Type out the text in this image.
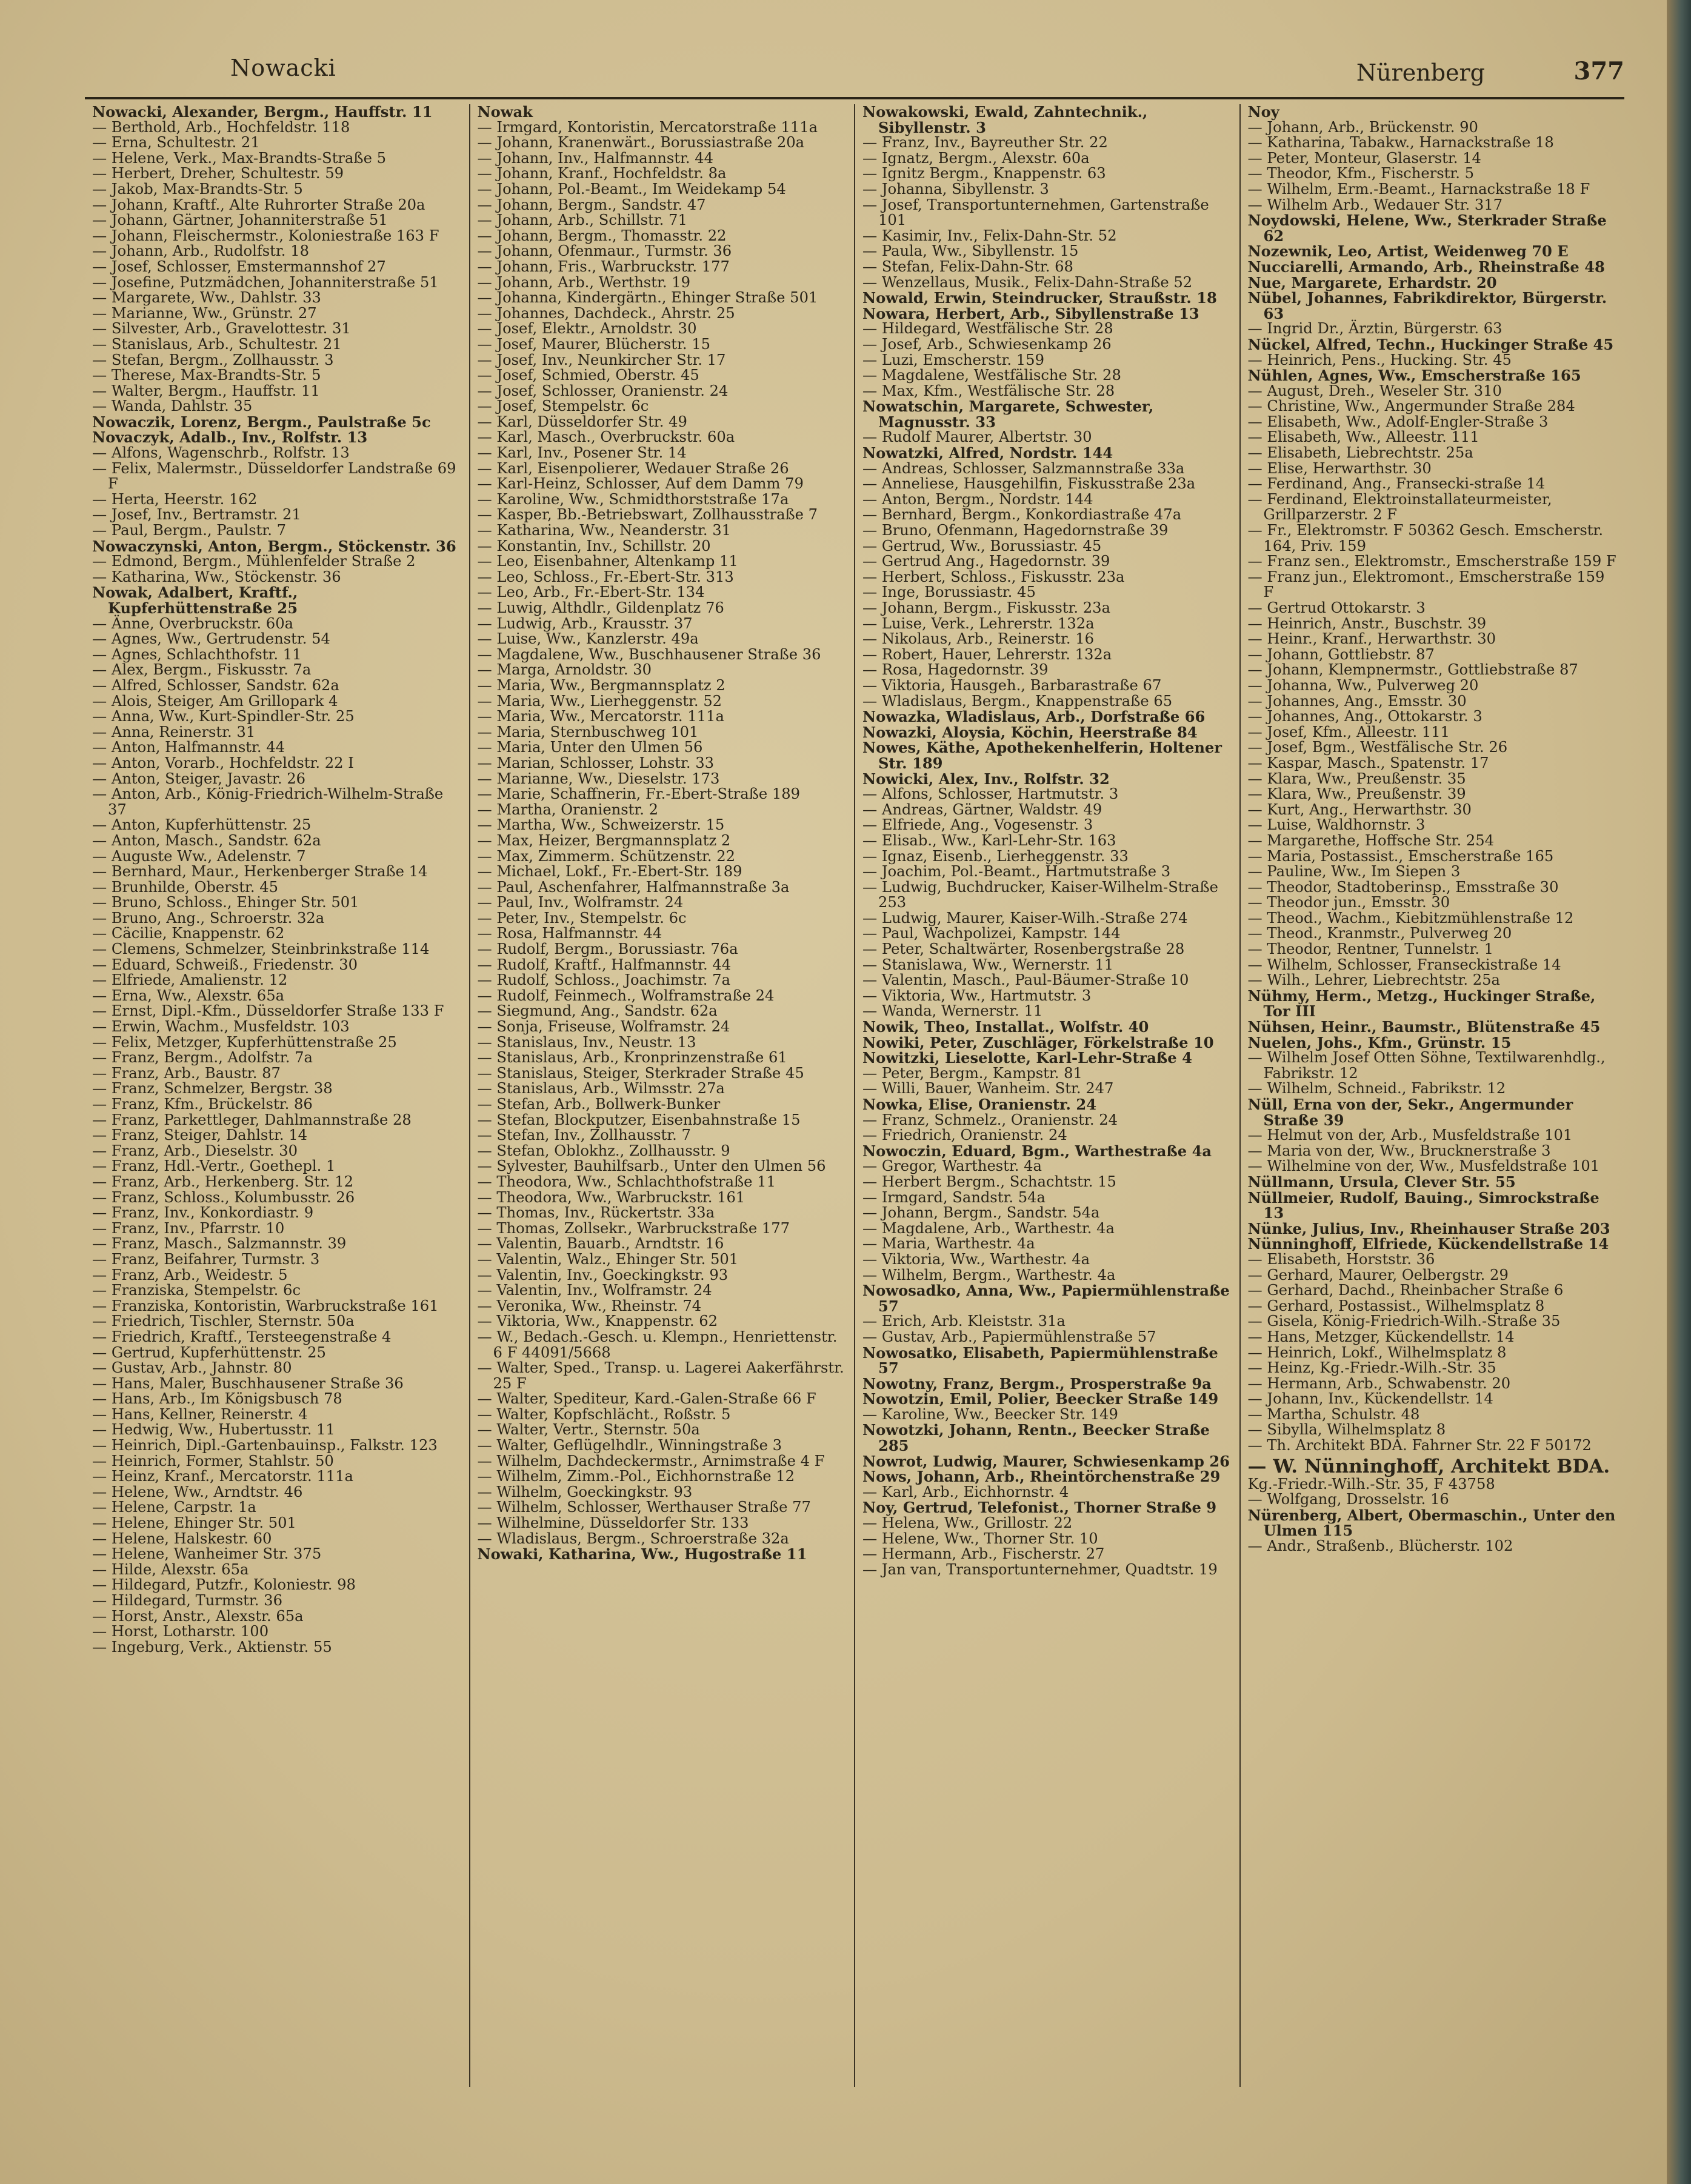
Nowacki	Nürenberg	377

Nowacki, Alexander, Bergm., Hauffstr. 11

— Berthold, Arb., Hochfeldstr. 118

— Erna, Schultestr. 21

— Helene, Verk., Max-Brandts-Straße 5

— Herbert, Dreher, Schultestr. 59

— Jakob, Max-Brandts-Str. 5

— Johann, Kraftf., Alte Ruhrorter Straße 20a

— Johann, Gärtner, Johanniterstraße 51

— Johann, Fleischermstr., Koloniestraße 163 F

— Johann, Arb., Rudolfstr. 18

— Josef, Schlosser, Emstermannshof 27

— Josefine, Putzmädchen, Johanniterstraße 51

— Margarete, Ww., Dahlstr. 33

— Marianne, Ww., Grünstr. 27

— Silvester, Arb., Gravelottestr. 31

— Stanislaus, Arb., Schultestr. 21

— Stefan, Bergm., Zollhausstr. 3

— Therese, Max-Brandts-Str. 5

— Walter, Bergm., Hauffstr. 11

— Wanda, Dahlstr. 35

Nowaczik, Lorenz, Bergm., Paulstraße 5c

Novaczyk, Adalb., Inv., Rolfstr. 13

— Alfons, Wagenschrb., Rolfstr. 13

— Felix, Malermstr., Düsseldorfer Landstraße 69 F

— Herta, Heerstr. 162

— Josef, Inv., Bertramstr. 21

— Paul, Bergm., Paulstr. 7

Nowaczynski, Anton, Bergm., Stöckenstr. 36

— Edmond, Bergm., Mühlenfelder Straße 2

— Katharina, Ww., Stöckenstr. 36

Nowak, Adalbert, Kraftf., Kupferhüttenstraße 25

— Änne, Overbruckstr. 60a

— Agnes, Ww., Gertrudenstr. 54

— Agnes, Schlachthofstr. 11

— Alex, Bergm., Fiskusstr. 7a

— Alfred, Schlosser, Sandstr. 62a

— Alois, Steiger, Am Grillopark 4

— Anna, Ww., Kurt-Spindler-Str. 25

— Anna, Reinerstr. 31

— Anton, Halfmannstr. 44

— Anton, Vorarb., Hochfeldstr. 22 I

— Anton, Steiger, Javastr. 26

— Anton, Arb., König-Friedrich-Wilhelm-Straße 37

— Anton, Kupferhüttenstr. 25

— Anton, Masch., Sandstr. 62a

— Auguste Ww., Adelenstr. 7

— Bernhard, Maur., Herkenberger Straße 14

— Brunhilde, Oberstr. 45

— Bruno, Schloss., Ehinger Str. 501

— Bruno, Ang., Schroerstr. 32a

— Cäcilie, Knappenstr. 62

— Clemens, Schmelzer, Steinbrinkstraße 114

— Eduard, Schweiß., Friedenstr. 30

— Elfriede, Amalienstr. 12

— Erna, Ww., Alexstr. 65a

— Ernst, Dipl.-Kfm., Düsseldorfer Straße 133 F

— Erwin, Wachm., Musfeldstr. 103

— Felix, Metzger, Kupferhüttenstraße 25

— Franz, Bergm., Adolfstr. 7a

— Franz, Arb., Baustr. 87

— Franz, Schmelzer, Bergstr. 38

— Franz, Kfm., Brückelstr. 86

— Franz, Parkettleger, Dahlmannstraße 28

— Franz, Steiger, Dahlstr. 14

— Franz, Arb., Dieselstr. 30

— Franz, Hdl.-Vertr., Goethepl. 1

— Franz, Arb., Herkenberg. Str. 12

— Franz, Schloss., Kolumbusstr. 26

— Franz, Inv., Konkordiastr. 9

— Franz, Inv., Pfarrstr. 10

— Franz, Masch., Salzmannstr. 39

— Franz, Beifahrer, Turmstr. 3

— Franz, Arb., Weidestr. 5

— Franziska, Stempelstr. 6c

— Franziska, Kontoristin, Warbruckstraße 161

— Friedrich, Tischler, Sternstr. 50a

— Friedrich, Kraftf., Tersteegenstraße 4

— Gertrud, Kupferhüttenstr. 25

— Gustav, Arb., Jahnstr. 80

— Hans, Maler, Buschhausener Straße 36

— Hans, Arb., Im Königsbusch 78

— Hans, Kellner, Reinerstr. 4

— Hedwig, Ww., Hubertusstr. 11

— Heinrich, Dipl.-Gartenbauinsp., Falkstr. 123

— Heinrich, Former, Stahlstr. 50

— Heinz, Kranf., Mercatorstr. 111a

— Helene, Ww., Arndtstr. 46

— Helene, Carpstr. 1a

— Helene, Ehinger Str. 501

— Helene, Halskestr. 60

— Helene, Wanheimer Str. 375

— Hilde, Alexstr. 65a

— Hildegard, Putzfr., Koloniestr. 98

— Hildegard, Turmstr. 36

— Horst, Anstr., Alexstr. 65a

— Horst, Lotharstr. 100

— Ingeburg, Verk., Aktienstr. 55

Nowak

— Irmgard, Kontoristin, Mercatorstraße 111a

— Johann, Kranenwärt., Borussiastraße 20a

— Johann, Inv., Halfmannstr. 44

— Johann, Kranf., Hochfeldstr. 8a

— Johann, Pol.-Beamt., Im Weidekamp 54

— Johann, Bergm., Sandstr. 47

— Johann, Arb., Schillstr. 71

— Johann, Bergm., Thomasstr. 22

— Johann, Ofenmaur., Turmstr. 36

— Johann, Fris., Warbruckstr. 177

— Johann, Arb., Werthstr. 19

— Johanna, Kindergärtn., Ehinger Straße 501

— Johannes, Dachdeck., Ahrstr. 25

— Josef, Elektr., Arnoldstr. 30

— Josef, Maurer, Blücherstr. 15

— Josef, Inv., Neunkircher Str. 17

— Josef, Schmied, Oberstr. 45

— Josef, Schlosser, Oranienstr. 24

— Josef, Stempelstr. 6c

— Karl, Düsseldorfer Str. 49

— Karl, Masch., Overbruckstr. 60a

— Karl, Inv., Posener Str. 14

— Karl, Eisenpolierer, Wedauer Straße 26

— Karl-Heinz, Schlosser, Auf dem Damm 79

— Karoline, Ww., Schmidthorststraße 17a

— Kasper, Bb.-Betriebswart, Zollhausstraße 7

— Katharina, Ww., Neanderstr. 31

— Konstantin, Inv., Schillstr. 20

— Leo, Eisenbahner, Altenkamp 11

— Leo, Schloss., Fr.-Ebert-Str. 313

— Leo, Arb., Fr.-Ebert-Str. 134

— Luwig, Althdlr., Gildenplatz 76

— Ludwig, Arb., Krausstr. 37

— Luise, Ww., Kanzlerstr. 49a

— Magdalene, Ww., Buschhausener Straße 36

— Marga, Arnoldstr. 30

— Maria, Ww., Bergmannsplatz 2

— Maria, Ww., Lierheggenstr. 52

— Maria, Ww., Mercatorstr. 111a

— Maria, Sternbuschweg 101

— Maria, Unter den Ulmen 56

— Marian, Schlosser, Lohstr. 33

— Marianne, Ww., Dieselstr. 173

— Marie, Schaffnerin, Fr.-Ebert-Straße 189

— Martha, Oranienstr. 2

— Martha, Ww., Schweizerstr. 15

— Max, Heizer, Bergmannsplatz 2

— Max, Zimmerm. Schützenstr. 22

— Michael, Lokf., Fr.-Ebert-Str. 189

— Paul, Aschenfahrer, Halfmannstraße 3a

— Paul, Inv., Wolframstr. 24

— Peter, Inv., Stempelstr. 6c

— Rosa, Halfmannstr. 44

— Rudolf, Bergm., Borussiastr. 76a

— Rudolf, Kraftf., Halfmannstr. 44

— Rudolf, Schloss., Joachimstr. 7a

— Rudolf, Feinmech., Wolframstraße 24

— Siegmund, Ang., Sandstr. 62a

— Sonja, Friseuse, Wolframstr. 24

— Stanislaus, Inv., Neustr. 13

— Stanislaus, Arb., Kronprinzenstraße 61

— Stanislaus, Steiger, Sterkrader Straße 45

— Stanislaus, Arb., Wilmsstr. 27a

— Stefan, Arb., Bollwerk-Bunker

— Stefan, Blockputzer, Eisenbahnstraße 15

— Stefan, Inv., Zollhausstr. 7

— Stefan, Oblokhz., Zollhausstr. 9

— Sylvester, Bauhilfsarb., Unter den Ulmen 56

— Theodora, Ww., Schlachthofstraße 11

— Theodora, Ww., Warbruckstr. 161

— Thomas, Inv., Rückertstr. 33a

— Thomas, Zollsekr., Warbruckstraße 177

— Valentin, Bauarb., Arndtstr. 16

— Valentin, Walz., Ehinger Str. 501

— Valentin, Inv., Goeckingkstr. 93

— Valentin, Inv., Wolframstr. 24

— Veronika, Ww., Rheinstr. 74

— Viktoria, Ww., Knappenstr. 62

— W., Bedach.-Gesch. u. Klempn., Henriettenstr. 6 F 44091/5668

— Walter, Sped., Transp. u. Lagerei Aakerfährstr. 25 F

— Walter, Spediteur, Kard.-Galen-Straße 66 F

— Walter, Kopfschlächt., Roßstr. 5

— Walter, Vertr., Sternstr. 50a

— Walter, Geflügelhdlr., Winningstraße 3

— Wilhelm, Dachdeckermstr., Arnimstraße 4 F

— Wilhelm, Zimm.-Pol., Eichhornstraße 12

— Wilhelm, Goeckingkstr. 93

— Wilhelm, Schlosser, Werthauser Straße 77

— Wilhelmine, Düsseldorfer Str. 133

— Wladislaus, Bergm., Schroerstraße 32a

Nowaki, Katharina, Ww., Hugostraße 11

Nowakowski, Ewald, Zahntechnik., Sibyllenstr. 3

— Franz, Inv., Bayreuther Str. 22

— Ignatz, Bergm., Alexstr. 60a

— Ignitz Bergm., Knappenstr. 63

— Johanna, Sibyllenstr. 3

— Josef, Transportunternehmen, Gartenstraße 101

— Kasimir, Inv., Felix-Dahn-Str. 52

— Paula, Ww., Sibyllenstr. 15

— Stefan, Felix-Dahn-Str. 68

— Wenzellaus, Musik., Felix-Dahn-Straße 52

Nowald, Erwin, Steindrucker, Straußstr. 18

Nowara, Herbert, Arb., Sibyllenstraße 13

— Hildegard, Westfälische Str. 28

— Josef, Arb., Schwiesenkamp 26

— Luzi, Emscherstr. 159

— Magdalene, Westfälische Str. 28

— Max, Kfm., Westfälische Str. 28

Nowatschin, Margarete, Schwester, Magnusstr. 33

— Rudolf Maurer, Albertstr. 30

Nowatzki, Alfred, Nordstr. 144

— Andreas, Schlosser, Salzmannstraße 33a

— Anneliese, Hausgehilfin, Fiskusstraße 23a

— Anton, Bergm., Nordstr. 144

— Bernhard, Bergm., Konkordiastraße 47a

— Bruno, Ofenmann, Hagedornstraße 39

— Gertrud, Ww., Borussiastr. 45

— Gertrud Ang., Hagedornstr. 39

— Herbert, Schloss., Fiskusstr. 23a

— Inge, Borussiastr. 45

— Johann, Bergm., Fiskusstr. 23a

— Luise, Verk., Lehrerstr. 132a

— Nikolaus, Arb., Reinerstr. 16

— Robert, Hauer, Lehrerstr. 132a

— Rosa, Hagedornstr. 39

— Viktoria, Hausgeh., Barbarastraße 67

— Wladislaus, Bergm., Knappenstraße 65

Nowazka, Wladislaus, Arb., Dorfstraße 66

Nowazki, Aloysia, Köchin, Heerstraße 84

Nowes, Käthe, Apothekenhelferin, Holtener Str. 189

Nowicki, Alex, Inv., Rolfstr. 32

— Alfons, Schlosser, Hartmutstr. 3

— Andreas, Gärtner, Waldstr. 49

— Elfriede, Ang., Vogesenstr. 3

— Elisab., Ww., Karl-Lehr-Str. 163

— Ignaz, Eisenb., Lierheggenstr. 33

— Joachim, Pol.-Beamt., Hartmutstraße 3

— Ludwig, Buchdrucker, Kaiser-Wilhelm-Straße 253

— Ludwig, Maurer, Kaiser-Wilh.-Straße 274

— Paul, Wachpolizei, Kampstr. 144

— Peter, Schaltwärter, Rosenbergstraße 28

— Stanislawa, Ww., Wernerstr. 11

— Valentin, Masch., Paul-Bäumer-Straße 10

— Viktoria, Ww., Hartmutstr. 3

— Wanda, Wernerstr. 11

Nowik, Theo, Installat., Wolfstr. 40

Nowiki, Peter, Zuschläger, Förkelstraße 10

Nowitzki, Lieselotte, Karl-Lehr-Straße 4

— Peter, Bergm., Kampstr. 81

— Willi, Bauer, Wanheim. Str. 247

Nowka, Elise, Oranienstr. 24

— Franz, Schmelz., Oranienstr. 24

— Friedrich, Oranienstr. 24

Nowoczin, Eduard, Bgm., Warthestraße 4a

— Gregor, Warthestr. 4a

— Herbert Bergm., Schachtstr. 15

— Irmgard, Sandstr. 54a

— Johann, Bergm., Sandstr. 54a

— Magdalene, Arb., Warthestr. 4a

— Maria, Warthestr. 4a

— Viktoria, Ww., Warthestr. 4a

— Wilhelm, Bergm., Warthestr. 4a

Nowosadko, Anna, Ww., Papiermühlenstraße 57

— Erich, Arb. Kleiststr. 31a

— Gustav, Arb., Papiermühlenstraße 57

Nowosatko, Elisabeth, Papiermühlenstraße 57

Nowotny, Franz, Bergm., Prosperstraße 9a

Nowotzin, Emil, Polier, Beecker Straße 149

— Karoline, Ww., Beecker Str. 149

Nowotzki, Johann, Rentn., Beecker Straße 285

Nowrot, Ludwig, Maurer, Schwiesenkamp 26

Nows, Johann, Arb., Rheintörchenstraße 29

— Karl, Arb., Eichhornstr. 4

Noy, Gertrud, Telefonist., Thorner Straße 9

— Helena, Ww., Grillostr. 22

— Helene, Ww., Thorner Str. 10

— Hermann, Arb., Fischerstr. 27

— Jan van, Transportunternehmer, Quadtstr. 19

Noy

— Johann, Arb., Brückenstr. 90

— Katharina, Tabakw., Harnackstraße 18

— Peter, Monteur, Glaserstr. 14

— Theodor, Kfm., Fischerstr. 5

— Wilhelm, Erm.-Beamt., Harnackstraße 18 F

— Wilhelm Arb., Wedauer Str. 317

Noydowski, Helene, Ww., Sterkrader Straße 62

Nozewnik, Leo, Artist, Weidenweg 70 E

Nucciarelli, Armando, Arb., Rheinstraße 48

Nue, Margarete, Erhardstr. 20

Nübel, Johannes, Fabrikdirektor, Bürgerstr. 63

— Ingrid Dr., Ärztin, Bürgerstr. 63

Nückel, Alfred, Techn., Huckinger Straße 45

— Heinrich, Pens., Hucking. Str. 45

Nühlen, Agnes, Ww., Emscherstraße 165

— August, Dreh., Weseler Str. 310

— Christine, Ww., Angermunder Straße 284

— Elisabeth, Ww., Adolf-Engler-Straße 3

— Elisabeth, Ww., Alleestr. 111

— Elisabeth, Liebrechtstr. 25a

— Elise, Herwarthstr. 30

— Ferdinand, Ang., Fransecki-straße 14

— Ferdinand, Elektroinstallateurmeister, Grillparzerstr. 2 F

— Fr., Elektromstr. F 50362 Gesch. Emscherstr. 164, Priv. 159

— Franz sen., Elektromstr., Emscherstraße 159 F

— Franz jun., Elektromont., Emscherstraße 159 F

— Gertrud Ottokarstr. 3

— Heinrich, Anstr., Buschstr. 39

— Heinr., Kranf., Herwarthstr. 30

— Johann, Gottliebstr. 87

— Johann, Klempnermstr., Gottliebstraße 87

— Johanna, Ww., Pulverweg 20

— Johannes, Ang., Emsstr. 30

— Johannes, Ang., Ottokarstr. 3

— Josef, Kfm., Alleestr. 111

— Josef, Bgm., Westfälische Str. 26

— Kaspar, Masch., Spatenstr. 17

— Klara, Ww., Preußenstr. 35

— Klara, Ww., Preußenstr. 39

— Kurt, Ang., Herwarthstr. 30

— Luise, Waldhornstr. 3

— Margarethe, Hoffsche Str. 254

— Maria, Postassist., Emscherstraße 165

— Pauline, Ww., Im Siepen 3

— Theodor, Stadtoberinsp., Emsstraße 30

— Theodor jun., Emsstr. 30

— Theod., Wachm., Kiebitzmühlenstraße 12

— Theod., Kranmstr., Pulverweg 20

— Theodor, Rentner, Tunnelstr. 1

— Wilhelm, Schlosser, Franseckistraße 14

— Wilh., Lehrer, Liebrechtstr. 25a

Nühmy, Herm., Metzg., Huckinger Straße, Tor III

Nühsen, Heinr., Baumstr., Blütenstraße 45

Nuelen, Johs., Kfm., Grünstr. 15

— Wilhelm Josef Otten Söhne, Textilwarenhdlg., Fabrikstr. 12

— Wilhelm, Schneid., Fabrikstr. 12

Nüll, Erna von der, Sekr., Angermunder Straße 39

— Helmut von der, Arb., Musfeldstraße 101

— Maria von der, Ww., Brucknerstraße 3

— Wilhelmine von der, Ww., Musfeldstraße 101

Nüllmann, Ursula, Clever Str. 55

Nüllmeier, Rudolf, Bauing., Simrockstraße 13

Nünke, Julius, Inv., Rheinhauser Straße 203

Nünninghoff, Elfriede, Kückendellstraße 14

— Elisabeth, Horststr. 36

— Gerhard, Maurer, Oelbergstr. 29

— Gerhard, Dachd., Rheinbacher Straße 6

— Gerhard, Postassist., Wilhelmsplatz 8

— Gisela, König-Friedrich-Wilh.-Straße 35

— Hans, Metzger, Kückendellstr. 14

— Heinrich, Lokf., Wilhelmsplatz 8

— Heinz, Kg.-Friedr.-Wilh.-Str. 35

— Hermann, Arb., Schwabenstr. 20

— Johann, Inv., Kückendellstr. 14

— Martha, Schulstr. 48

— Sibylla, Wilhelmsplatz 8

— Th. Architekt BDA. Fahrner Str. 22 F 50172

— W. Nünninghoff, Architekt BDA.

Kg.-Friedr.-Wilh.-Str. 35, F 43758

— Wolfgang, Drosselstr. 16

Nürenberg, Albert, Obermaschin., Unter den Ulmen 115

— Andr., Straßenb., Blücherstr. 102
